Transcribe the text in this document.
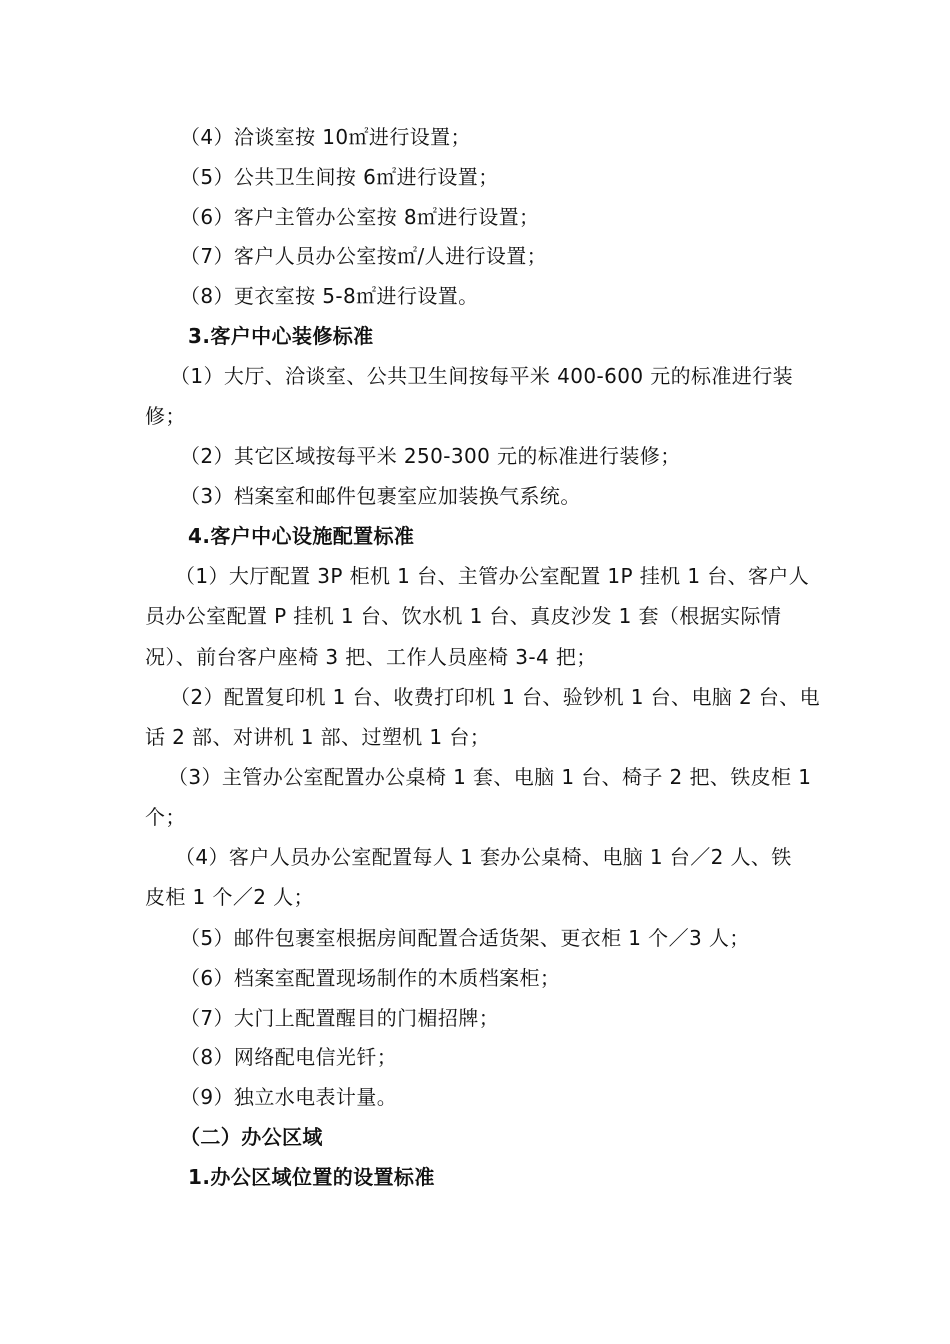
（4）洽谈室按 10㎡进行设置；
（5）公共卫生间按 6㎡进行设置；
（6）客户主管办公室按 8㎡进行设置；
（7）客户人员办公室按㎡/人进行设置；
（8）更衣室按 5-8㎡进行设置。
3.客户中心装修标准
（1）大厅、洽谈室、公共卫生间按每平米 400-600 元的标准进行装
修；
（2）其它区域按每平米 250-300 元的标准进行装修；
（3）档案室和邮件包裹室应加装换气系统。
4.客户中心设施配置标准
（1）大厅配置 3P 柜机 1 台、主管办公室配置 1P 挂机 1 台、客户人
员办公室配置 P 挂机 1 台、饮水机 1 台、真皮沙发 1 套（根据实际情
况）、前台客户座椅 3 把、工作人员座椅 3-4 把；
（2）配置复印机 1 台、收费打印机 1 台、验钞机 1 台、电脑 2 台、电
话 2 部、对讲机 1 部、过塑机 1 台；
（3）主管办公室配置办公桌椅 1 套、电脑 1 台、椅子 2 把、铁皮柜 1
个；
（4）客户人员办公室配置每人 1 套办公桌椅、电脑 1 台／2 人、铁
皮柜 1 个／2 人；
（5）邮件包裹室根据房间配置合适货架、更衣柜 1 个／3 人；
（6）档案室配置现场制作的木质档案柜；
（7）大门上配置醒目的门楣招牌；
（8）网络配电信光钎；
（9）独立水电表计量。
（二）办公区域
1.办公区域位置的设置标准
